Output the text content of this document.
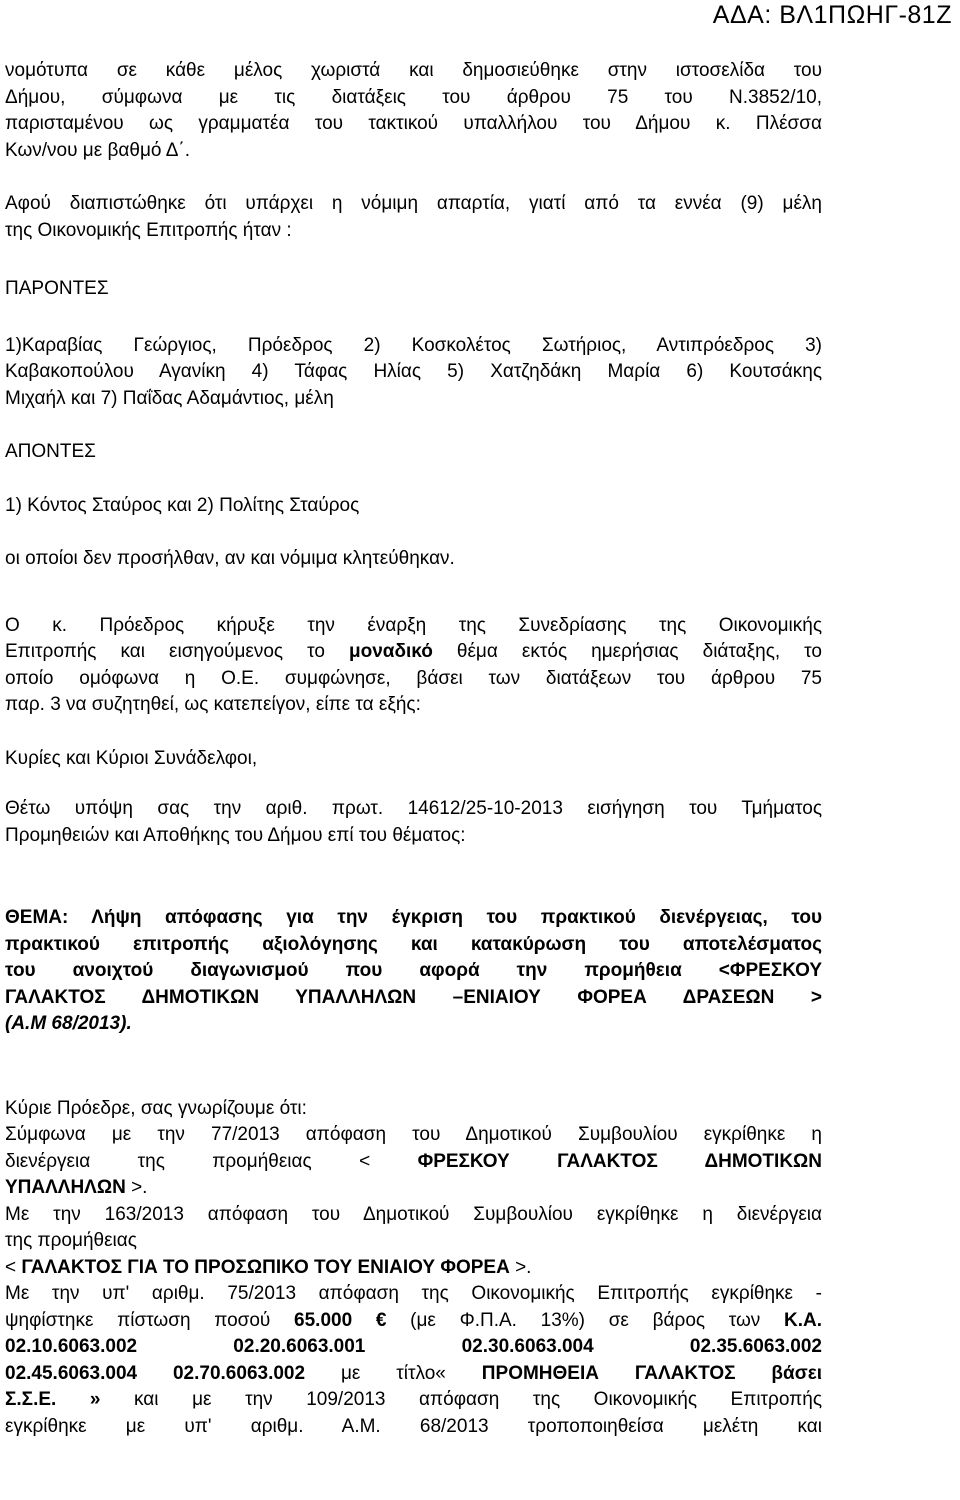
ΑΔΑ: ΒΛ1ΠΩΗΓ-81Ζ

νομότυπα σε κάθε μέλος χωριστά και δημοσιεύθηκε στην ιστοσελίδα του

Δήμου, σύμφωνα με τις διατάξεις του άρθρου 75 του Ν.3852/10,

παρισταμένου ως γραμματέα του τακτικού υπαλλήλου του Δήμου κ. Πλέσσα

Κων/νου με βαθμό Δ΄.

Αφού διαπιστώθηκε ότι υπάρχει η νόμιμη απαρτία, γιατί από τα εννέα (9) μέλη

της Οικονομικής Επιτροπής ήταν :

ΠΑΡΟΝΤΕΣ

1)Καραβίας Γεώργιος, Πρόεδρος 2) Κοσκολέτος Σωτήριος, Αντιπρόεδρος 3)

Καβακοπούλου Αγανίκη 4) Τάφας Ηλίας 5) Χατζηδάκη Μαρία 6) Κουτσάκης

Μιχαήλ και 7) Παΐδας Αδαμάντιος, μέλη

ΑΠΟΝΤΕΣ

1) Κόντος Σταύρος και 2) Πολίτης Σταύρος

οι οποίοι δεν προσήλθαν, αν και νόμιμα κλητεύθηκαν.

Ο κ. Πρόεδρος κήρυξε την έναρξη της Συνεδρίασης της Οικονομικής

Επιτροπής και εισηγούμενος το μοναδικό θέμα εκτός ημερήσιας διάταξης, το

οποίο ομόφωνα η Ο.Ε. συμφώνησε, βάσει των διατάξεων του άρθρου 75

παρ. 3 να συζητηθεί, ως κατεπείγον, είπε τα εξής:

Κυρίες και Κύριοι Συνάδελφοι,

Θέτω υπόψη σας την αριθ. πρωτ. 14612/25-10-2013 εισήγηση του Τμήματος

Προμηθειών και Αποθήκης του Δήμου επί του θέματος:

ΘΕΜΑ: Λήψη απόφασης για την έγκριση του πρακτικού διενέργειας, του

πρακτικού επιτροπής αξιολόγησης και κατακύρωση του αποτελέσματος

του ανοιχτού διαγωνισμού που αφορά την προμήθεια <ΦΡΕΣΚΟΥ

ΓΑΛΑΚΤΟΣ ΔΗΜΟΤΙΚΩΝ ΥΠΑΛΛΗΛΩΝ –ΕΝΙΑΙΟΥ ΦΟΡΕΑ ΔΡΑΣΕΩΝ >

(Α.Μ 68/2013).

Κύριε Πρόεδρε, σας γνωρίζουμε ότι:

Σύμφωνα με την 77/2013 απόφαση του Δημοτικού Συμβουλίου εγκρίθηκε η

διενέργεια της προμήθειας < ΦΡΕΣΚΟΥ ΓΑΛΑΚΤΟΣ ΔΗΜΟΤΙΚΩΝ

ΥΠΑΛΛΗΛΩΝ >.

Με την 163/2013 απόφαση του Δημοτικού Συμβουλίου εγκρίθηκε η διενέργεια

της προμήθειας

< ΓΑΛΑΚΤΟΣ ΓΙΑ ΤΟ ΠΡΟΣΩΠΙΚΟ ΤΟΥ ΕΝΙΑΙΟΥ ΦΟΡΕΑ >.

Με την υπ' αριθμ. 75/2013 απόφαση της Οικονομικής Επιτροπής εγκρίθηκε -

ψηφίστηκε πίστωση ποσού 65.000 € (με Φ.Π.Α. 13%) σε βάρος των Κ.Α.

02.10.6063.002 02.20.6063.001 02.30.6063.004 02.35.6063.002

02.45.6063.004 02.70.6063.002 με τίτλο« ΠΡΟΜΗΘΕΙΑ ΓΑΛΑΚΤΟΣ βάσει

Σ.Σ.Ε. » και με την 109/2013 απόφαση της Οικονομικής Επιτροπής

εγκρίθηκε με υπ' αριθμ. Α.Μ. 68/2013 τροποποιηθείσα μελέτη και
